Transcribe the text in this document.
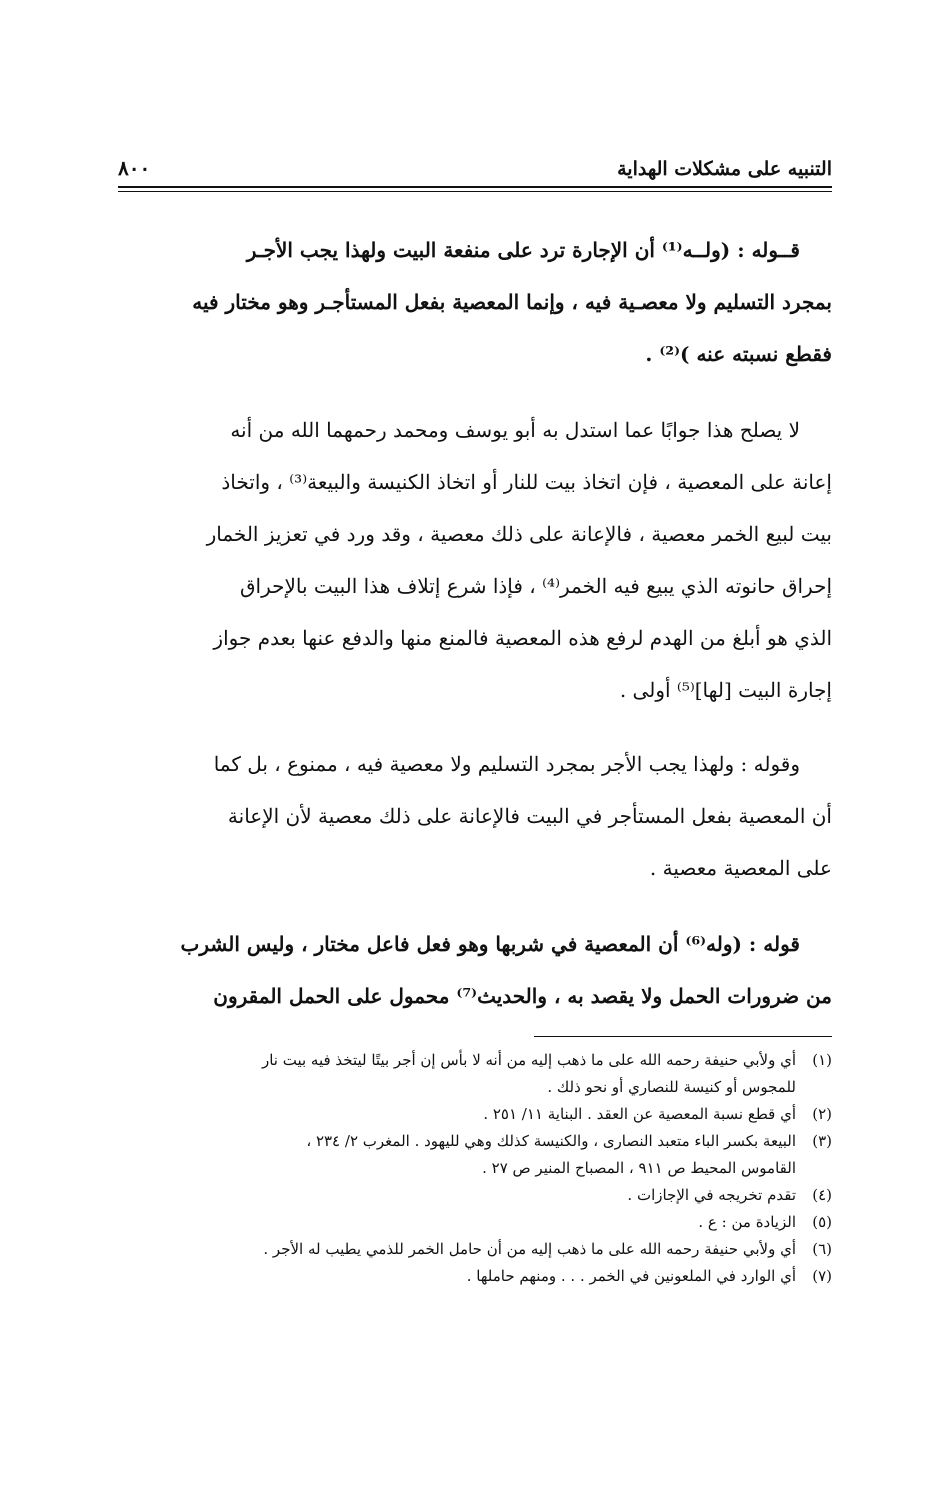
التنبيه على مشكلات الهداية
٨٠٠

قــوله : (ولــه⁽¹⁾ أن الإجارة ترد على منفعة البيت ولهذا يجب الأجـر
بمجرد التسليم ولا معصـية فيه ، وإنما المعصية بفعل المستأجـر وهو مختار فيه
فقطع نسبته عنه )⁽²⁾ .

لا يصلح هذا جوابًا عما استدل به أبو يوسف ومحمد رحمهما الله من أنه
إعانة على المعصية ، فإن اتخاذ بيت للنار أو اتخاذ الكنيسة والبيعة⁽³⁾ ، واتخاذ
بيت لبيع الخمر معصية ، فالإعانة على ذلك معصية ، وقد ورد في تعزيز الخمار
إحراق حانوته الذي يبيع فيه الخمر⁽⁴⁾ ، فإذا شرع إتلاف هذا البيت بالإحراق
الذي هو أبلغ من الهدم لرفع هذه المعصية فالمنع منها والدفع عنها بعدم جواز
إجارة البيت [لها]⁽⁵⁾ أولى .

وقوله : ولهذا يجب الأجر بمجرد التسليم ولا معصية فيه ، ممنوع ، بل كما
أن المعصية بفعل المستأجر في البيت فالإعانة على ذلك معصية لأن الإعانة
على المعصية معصية .

قوله : (وله⁽⁶⁾ أن المعصية في شربها وهو فعل فاعل مختار ، وليس الشرب
من ضرورات الحمل ولا يقصد به ، والحديث⁽⁷⁾ محمول على الحمل المقرون

(١)
أي ولأبي حنيفة رحمه الله على ما ذهب إليه من أنه لا بأس إن أجر بيتًا ليتخذ فيه بيت نار
للمجوس أو كنيسة للنصاري أو نحو ذلك .
(٢)
أي قطع نسبة المعصية عن العقد . البناية ١١/ ٢٥١ .
(٣)
البيعة بكسر الباء متعبد النصارى ، والكنيسة كذلك وهي لليهود . المغرب ٢/ ٢٣٤ ،
القاموس المحيط ص ٩١١ ، المصباح المنير ص ٢٧ .
(٤)
تقدم تخريجه في الإجازات .
(٥)
الزيادة من : ع .
(٦)
أي ولأبي حنيفة رحمه الله على ما ذهب إليه من أن حامل الخمر للذمي يطيب له الأجر .
(٧)
أي الوارد في الملعونين في الخمر . . . ومنهم حاملها .
